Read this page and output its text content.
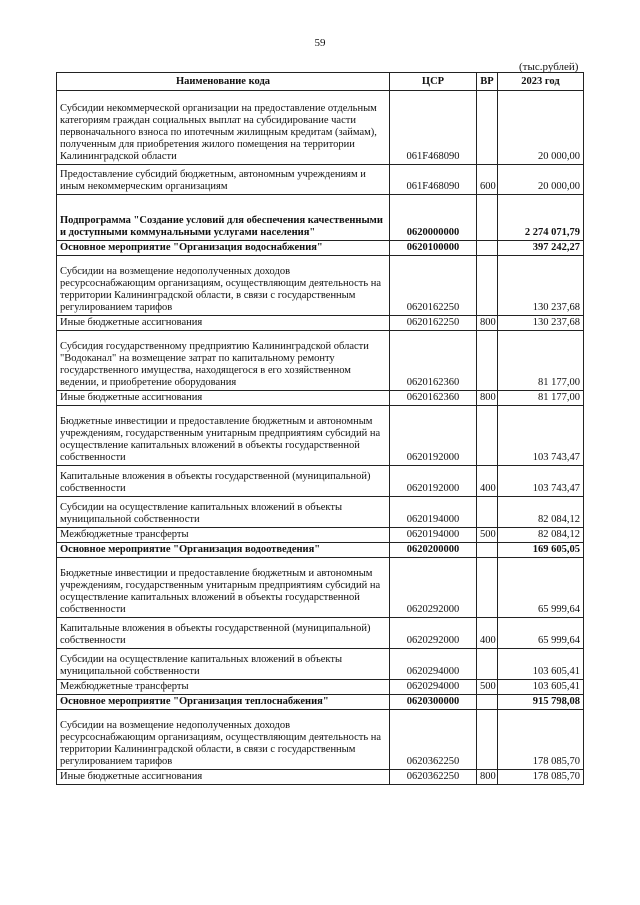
59
(тыс.рублей)
Наименование кода	ЦСР	ВР	2023 год
Субсидии некоммерческой организации на предоставление отдельным категориям граждан социальных выплат на субсидирование части первоначального взноса по ипотечным жилищным кредитам (займам), полученным для приобретения жилого помещения на территории Калининградской области	061F468090		20 000,00
Предоставление субсидий бюджетным, автономным учреждениям и иным некоммерческим организациям	061F468090	600	20 000,00
Подпрограмма "Создание условий для обеспечения качественными и доступными коммунальными услугами населения"	0620000000		2 274 071,79
Основное мероприятие "Организация водоснабжения"	0620100000		397 242,27
Субсидии на возмещение недополученных доходов ресурсоснабжающим организациям, осуществляющим деятельность на территории Калининградской области, в связи с государственным регулированием тарифов	0620162250		130 237,68
Иные бюджетные ассигнования	0620162250	800	130 237,68
Субсидия государственному предприятию Калининградской области "Водоканал" на возмещение затрат по капитальному ремонту государственного имущества, находящегося в его хозяйственном ведении, и приобретение оборудования	0620162360		81 177,00
Иные бюджетные ассигнования	0620162360	800	81 177,00
Бюджетные инвестиции и предоставление бюджетным и автономным учреждениям, государственным унитарным предприятиям субсидий на осуществление капитальных вложений в объекты государственной собственности	0620192000		103 743,47
Капитальные вложения в объекты государственной (муниципальной) собственности	0620192000	400	103 743,47
Субсидии на осуществление капитальных вложений в объекты муниципальной собственности	0620194000		82 084,12
Межбюджетные трансферты	0620194000	500	82 084,12
Основное мероприятие "Организация водоотведения"	0620200000		169 605,05
Бюджетные инвестиции и предоставление бюджетным и автономным учреждениям, государственным унитарным предприятиям субсидий на осуществление капитальных вложений в объекты государственной собственности	0620292000		65 999,64
Капитальные вложения в объекты государственной (муниципальной) собственности	0620292000	400	65 999,64
Субсидии на осуществление капитальных вложений в объекты муниципальной собственности	0620294000		103 605,41
Межбюджетные трансферты	0620294000	500	103 605,41
Основное мероприятие "Организация теплоснабжения"	0620300000		915 798,08
Субсидии на возмещение недополученных доходов ресурсоснабжающим организациям, осуществляющим деятельность на территории Калининградской области, в связи с государственным регулированием тарифов	0620362250		178 085,70
Иные бюджетные ассигнования	0620362250	800	178 085,70
